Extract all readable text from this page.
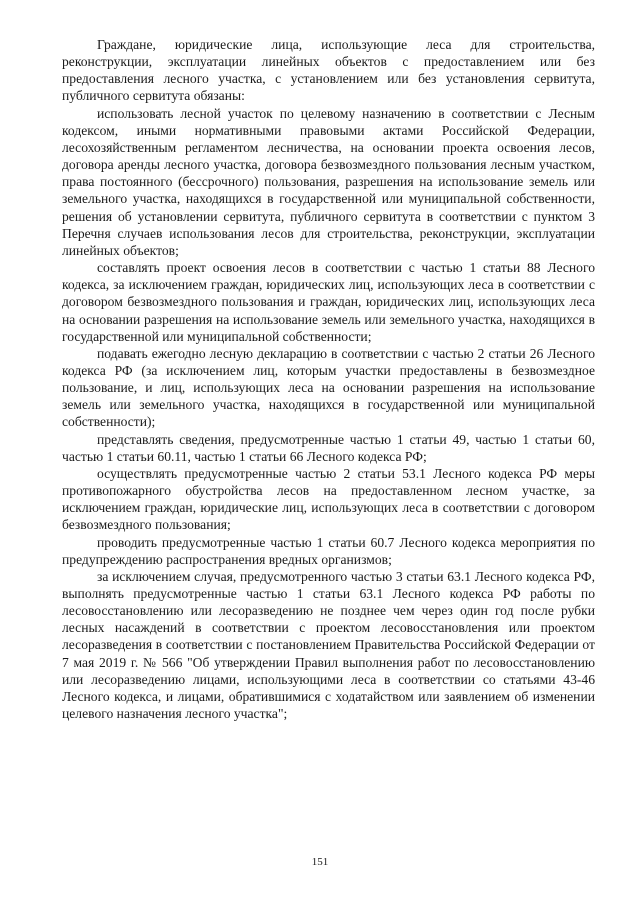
Граждане, юридические лица, использующие леса для строительства, реконструкции, эксплуатации линейных объектов с предоставлением или без предоставления лесного участка, с установлением или без установления сервитута, публичного сервитута обязаны:

использовать лесной участок по целевому назначению в соответствии с Лесным кодексом, иными нормативными правовыми актами Российской Федерации, лесохозяйственным регламентом лесничества, на основании проекта освоения лесов, договора аренды лесного участка, договора безвозмездного пользования лесным участком, права постоянного (бессрочного) пользования, разрешения на использование земель или земельного участка, находящихся в государственной или муниципальной собственности, решения об установлении сервитута, публичного сервитута в соответствии с пунктом 3 Перечня случаев использования лесов для строительства, реконструкции, эксплуатации линейных объектов;

составлять проект освоения лесов в соответствии с частью 1 статьи 88 Лесного кодекса, за исключением граждан, юридических лиц, использующих леса в соответствии с договором безвозмездного пользования и граждан, юридических лиц, использующих леса на основании разрешения на использование земель или земельного участка, находящихся в государственной или муниципальной собственности;

подавать ежегодно лесную декларацию в соответствии с частью 2 статьи 26 Лесного кодекса РФ (за исключением лиц, которым участки предоставлены в безвозмездное пользование, и лиц, использующих леса на основании разрешения на использование земель или земельного участка, находящихся в государственной или муниципальной собственности);

представлять сведения, предусмотренные частью 1 статьи 49, частью 1 статьи 60, частью 1 статьи 60.11, частью 1 статьи 66 Лесного кодекса РФ;

осуществлять предусмотренные частью 2 статьи 53.1 Лесного кодекса РФ меры противопожарного обустройства лесов на предоставленном лесном участке, за исключением граждан, юридические лиц, использующих леса в соответствии с договором безвозмездного пользования;

проводить предусмотренные частью 1 статьи 60.7 Лесного кодекса мероприятия по предупреждению распространения вредных организмов;

за исключением случая, предусмотренного частью 3 статьи 63.1 Лесного кодекса РФ, выполнять предусмотренные частью 1 статьи 63.1 Лесного кодекса РФ работы по лесовосстановлению или лесоразведению не позднее чем через один год после рубки лесных насаждений в соответствии с проектом лесовосстановления или проектом лесоразведения в соответствии с постановлением Правительства Российской Федерации от 7 мая 2019 г. № 566 "Об утверждении Правил выполнения работ по лесовосстановлению или лесоразведению лицами, использующими леса в соответствии со статьями 43-46 Лесного кодекса, и лицами, обратившимися с ходатайством или заявлением об изменении целевого назначения лесного участка";

151
